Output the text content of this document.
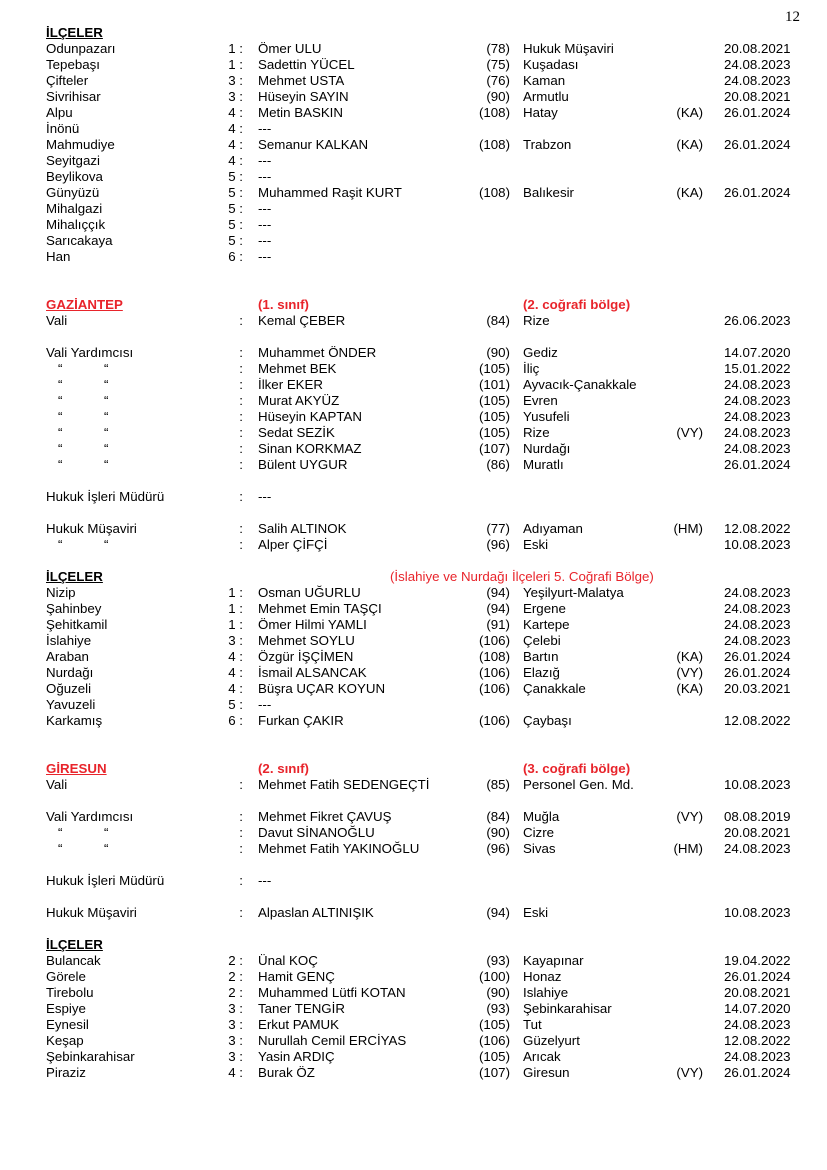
12
İLÇELER
Odunpazarı	1 : Ömer ULU	(78) Hukuk Müşaviri	20.08.2021
Tepebaşı	1 : Sadettin YÜCEL	(75) Kuşadası	24.08.2023
Çifteler	3 : Mehmet USTA	(76) Kaman	24.08.2023
Sivrihisar	3 : Hüseyin SAYIN	(90) Armutlu	20.08.2021
Alpu	4 : Metin BASKIN	(108) Hatay	(KA) 26.01.2024
İnönü	4 : ---
Mahmudiye	4 : Semanur KALKAN	(108) Trabzon	(KA) 26.01.2024
Seyitgazi	4 : ---
Beylikova	5 : ---
Günyüzü	5 : Muhammed Raşit KURT	(108) Balıkesir	(KA) 26.01.2024
Mihalgazi	5 : ---
Mihalıççık	5 : ---
Sarıcakaya	5 : ---
Han	6 : ---
GAZİANTEP	(1. sınıf)	(2. coğrafi bölge)
Vali	: Kemal ÇEBER	(84) Rize	26.06.2023
Vali Yardımcısı	: Muhammet ÖNDER	(90) Gediz	14.07.2020
“	“	: Mehmet BEK	(105) İliç	15.01.2022
“	“	: İlker EKER	(101) Ayvacık-Çanakkale	24.08.2023
“	“	: Murat AKYÜZ	(105) Evren	24.08.2023
“	“	: Hüseyin KAPTAN	(105) Yusufeli	24.08.2023
“	“	: Sedat SEZİK	(105) Rize	(VY) 24.08.2023
“	“	: Sinan KORKMAZ	(107) Nurdağı	24.08.2023
“	“	: Bülent UYGUR	(86) Muratlı	26.01.2024
Hukuk İşleri Müdürü	: ---
Hukuk Müşaviri	: Salih ALTINOK	(77) Adıyaman	(HM) 12.08.2022
“	“	: Alper ÇİFÇİ	(96) Eski	10.08.2023
İLÇELER	(İslahiye ve Nurdağı İlçeleri 5. Coğrafi Bölge)
Nizip	1 : Osman UĞURLU	(94) Yeşilyurt-Malatya	24.08.2023
Şahinbey	1 : Mehmet Emin TAŞÇI	(94) Ergene	24.08.2023
Şehitkamil	1 : Ömer Hilmi YAMLI	(91) Kartepe	24.08.2023
İslahiye	3 : Mehmet SOYLU	(106) Çelebi	24.08.2023
Araban	4 : Özgür İŞÇİMEN	(108) Bartın	(KA) 26.01.2024
Nurdağı	4 : İsmail ALSANCAK	(106) Elazığ	(VY) 26.01.2024
Oğuzeli	4 : Büşra UÇAR KOYUN	(106) Çanakkale	(KA) 20.03.2021
Yavuzeli	5 : ---
Karkamış	6 : Furkan ÇAKIR	(106) Çaybaşı	12.08.2022
GİRESUN	(2. sınıf)	(3. coğrafi bölge)
Vali	: Mehmet Fatih SEDENGEÇTİ	(85) Personel Gen. Md.	10.08.2023
Vali Yardımcısı	: Mehmet Fikret ÇAVUŞ	(84) Muğla	(VY) 08.08.2019
“	“	: Davut SİNANOĞLU	(90) Cizre	20.08.2021
“	“	: Mehmet Fatih YAKINOĞLU	(96) Sivas	(HM) 24.08.2023
Hukuk İşleri Müdürü	: ---
Hukuk Müşaviri	: Alpaslan ALTINIŞIK	(94) Eski	10.08.2023
İLÇELER
Bulancak	2 : Ünal KOÇ	(93) Kayapınar	19.04.2022
Görele	2 : Hamit GENÇ	(100) Honaz	26.01.2024
Tirebolu	2 : Muhammed Lütfi KOTAN	(90) Islahiye	20.08.2021
Espiye	3 : Taner TENGİR	(93) Şebinkarahisar	14.07.2020
Eynesil	3 : Erkut PAMUK	(105) Tut	24.08.2023
Keşap	3 : Nurullah Cemil ERCİYAS	(106) Güzelyurt	12.08.2022
Şebinkarahisar	3 : Yasin ARDIÇ	(105) Arıcak	24.08.2023
Piraziz	4 : Burak ÖZ	(107) Giresun	(VY) 26.01.2024
